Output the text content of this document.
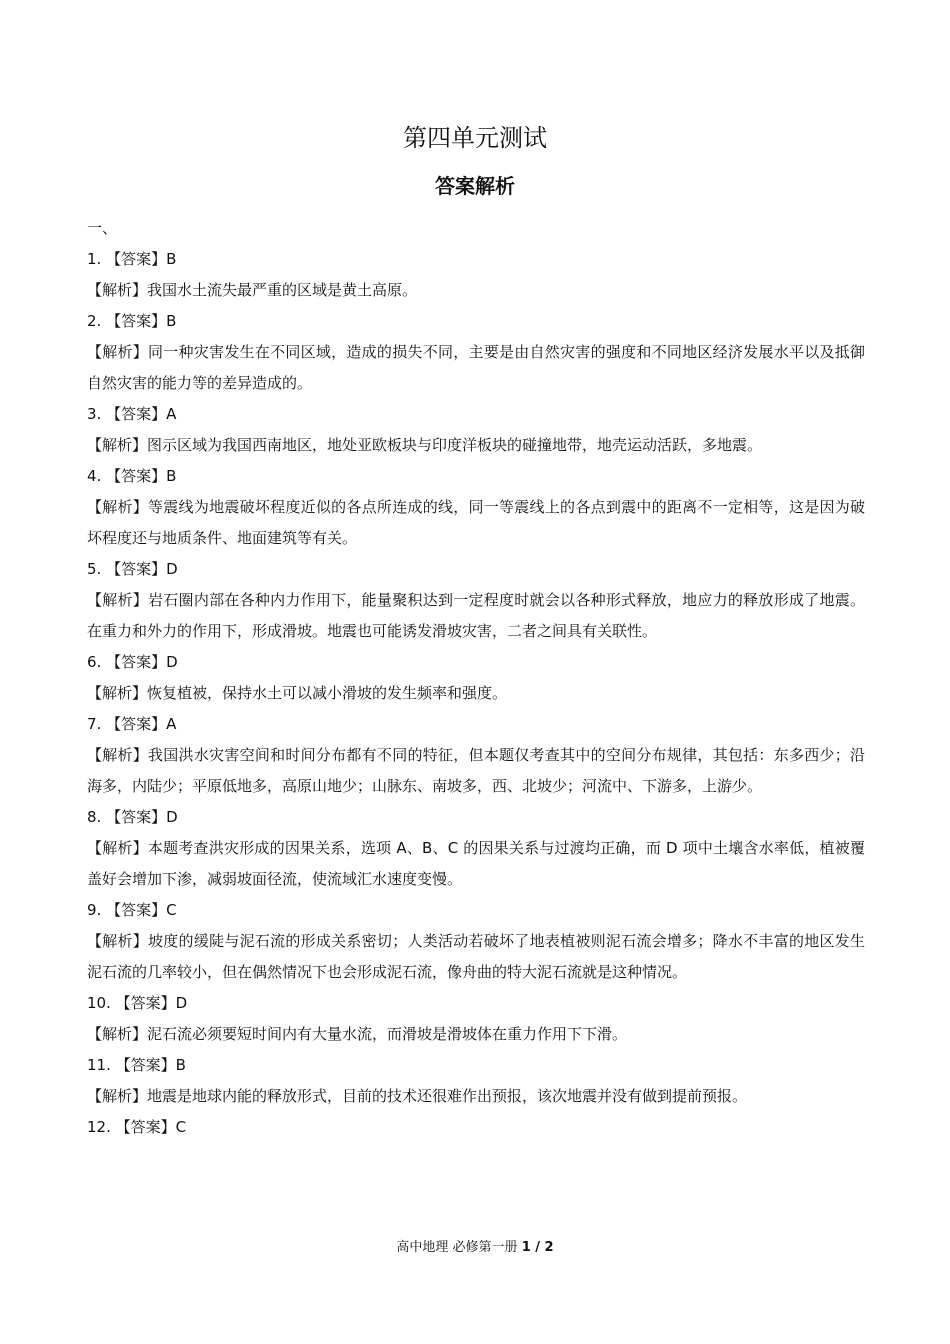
第四单元测试
答案解析
一、
1. 【答案】B
【解析】我国水土流失最严重的区域是黄土高原。
2. 【答案】B
【解析】同一种灾害发生在不同区域，造成的损失不同，主要是由自然灾害的强度和不同地区经济发展水平以及抵御自然灾害的能力等的差异造成的。
3. 【答案】A
【解析】图示区域为我国西南地区，地处亚欧板块与印度洋板块的碰撞地带，地壳运动活跃，多地震。
4. 【答案】B
【解析】等震线为地震破坏程度近似的各点所连成的线，同一等震线上的各点到震中的距离不一定相等，这是因为破坏程度还与地质条件、地面建筑等有关。
5. 【答案】D
【解析】岩石圈内部在各种内力作用下，能量聚积达到一定程度时就会以各种形式释放，地应力的释放形成了地震。在重力和外力的作用下，形成滑坡。地震也可能诱发滑坡灾害，二者之间具有关联性。
6. 【答案】D
【解析】恢复植被，保持水土可以减小滑坡的发生频率和强度。
7. 【答案】A
【解析】我国洪水灾害空间和时间分布都有不同的特征，但本题仅考查其中的空间分布规律，其包括：东多西少；沿海多，内陆少；平原低地多，高原山地少；山脉东、南坡多，西、北坡少；河流中、下游多，上游少。
8. 【答案】D
【解析】本题考查洪灾形成的因果关系，选项 A、B、C 的因果关系与过渡均正确，而 D 项中土壤含水率低，植被覆盖好会增加下渗，减弱坡面径流，使流域汇水速度变慢。
9. 【答案】C
【解析】坡度的缓陡与泥石流的形成关系密切；人类活动若破坏了地表植被则泥石流会增多；降水不丰富的地区发生泥石流的几率较小，但在偶然情况下也会形成泥石流，像舟曲的特大泥石流就是这种情况。
10. 【答案】D
【解析】泥石流必须要短时间内有大量水流，而滑坡是滑坡体在重力作用下下滑。
11. 【答案】B
【解析】地震是地球内能的释放形式，目前的技术还很难作出预报，该次地震并没有做到提前预报。
12. 【答案】C
高中地理 必修第一册 1 / 2
